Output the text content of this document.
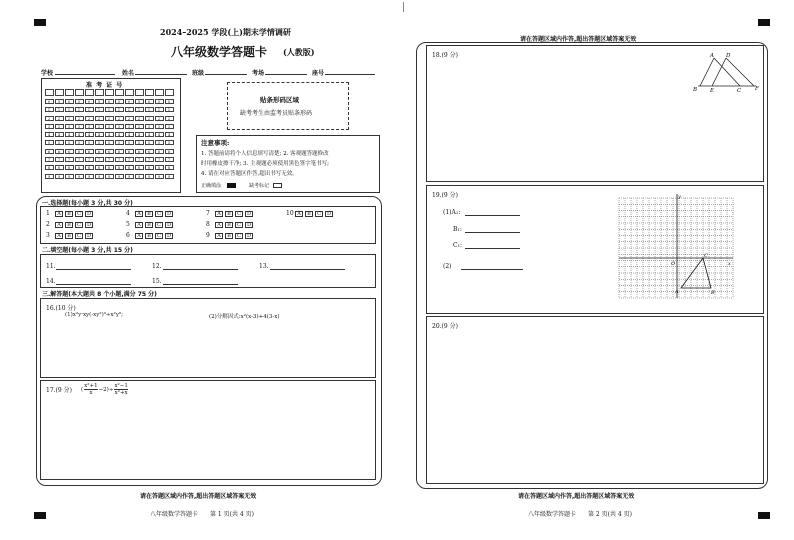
2024–2025 学段(上)期末学情调研
八年级数学答题卡 (人教版)
学校	姓名	班级	考场	座号
准 考 证 号
0	0	0	0	0	0	0	0	0	0	0	0	0
1	1	1	1	1	1	1	1	1	1	1	1	1
2	2	2	2	2	2	2	2	2	2	2	2	2
3	3	3	3	3	3	3	3	3	3	3	3	3
4	4	4	4	4	4	4	4	4	4	4	4	4
5	5	5	5	5	5	5	5	5	5	5	5	5
6	6	6	6	6	6	6	6	6	6	6	6	6
7	7	7	7	7	7	7	7	7	7	7	7	7
8	8	8	8	8	8	8	8	8	8	8	8	8
9	9	9	9	9	9	9	9	9	9	9	9	9
贴条形码区域
缺考考生由监考员贴条形码
注意事项:
1. 答题前请将个人信息填写清楚; 2. 客观题答题修改
时用橡皮擦干净; 3. 主观题必须使用黑色签字笔书写;
4. 请在对应答题区作答,超出书写无效。
正确填涂	缺考标记
一.选择题(每小题 3 分,共 30 分)
1	A	B	C	D
2	A	B	C	D
3	A	B	C	D
4	A	B	C	D
5	A	B	C	D
6	A	B	C	D
7	A	B	C	D
8	A	B	C	D
9	A	B	C	D
10 A	B	C	D
二.填空题(每小题 3 分,共 15 分)
11.	12.	13.
14.	15.
三.解答题(本大题共 8 个小题,满分 75 分)
16.(10 分)
(1)x²y·xy(-xy²)³÷x²y⁶;	(2)分解因式:x²(x-3)+4(3-x)
17.(9 分) ( $\frac{\text{x²+1}}{x} -2)\div \frac{\text{x²−1}}{\text{x²+x}}$
请在答题区域内作答,超出答题区域答案无效
八年级数学答题卡　　第 1 页(共 4 页)
请在答题区域内作答,超出答题区域答案无效
18.(9 分)	A D
B E	C	F
19.(9 分)
(1)A₁:
B₁:
C₁:
(2)
y
x
O
C
A	B
20.(9 分)
请在答题区域内作答,超出答题区域答案无效
八年级数学答题卡　　第 2 页(共 4 页)
